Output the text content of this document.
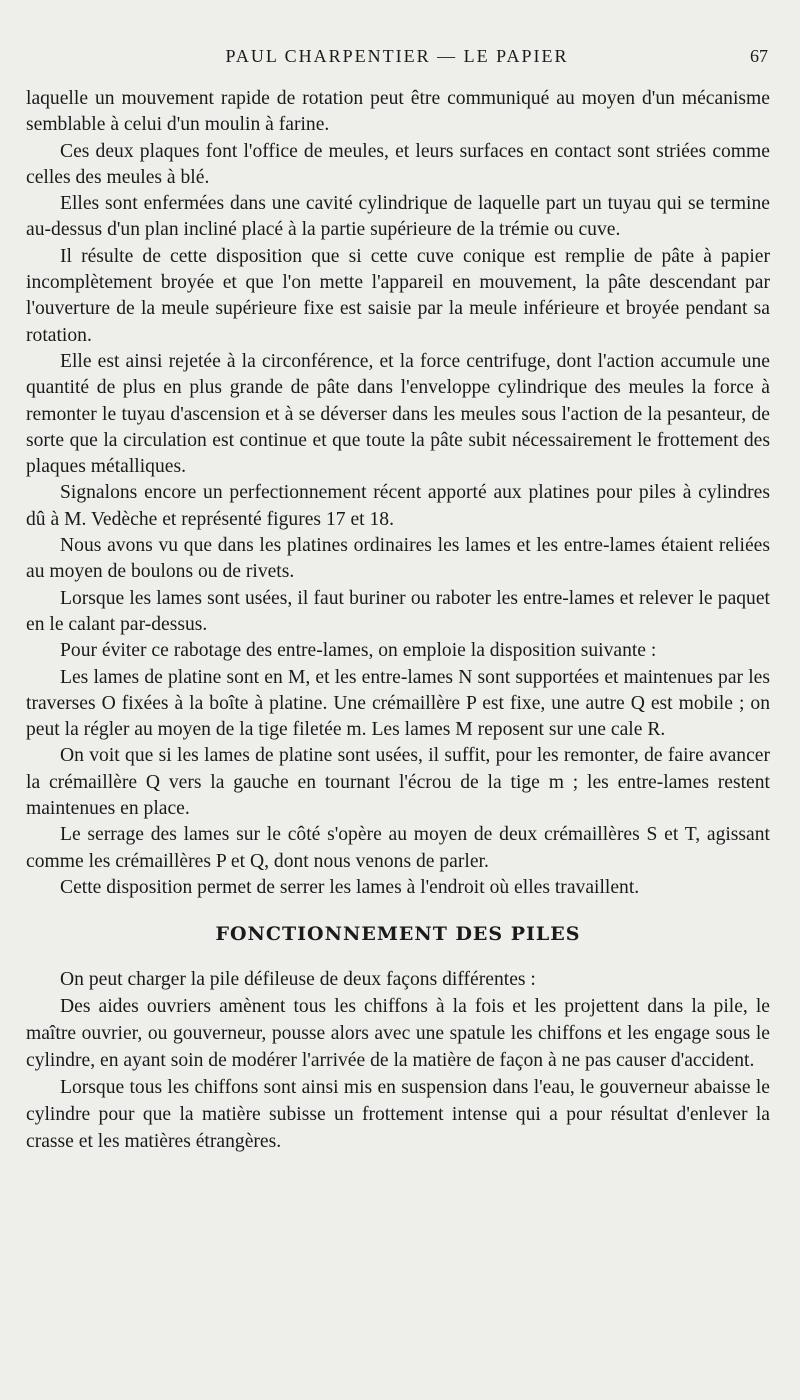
PAUL CHARPENTIER — LE PAPIER	67

laquelle un mouvement rapide de rotation peut être communiqué au moyen d'un mécanisme semblable à celui d'un moulin à farine.

Ces deux plaques font l'office de meules, et leurs surfaces en contact sont striées comme celles des meules à blé.

Elles sont enfermées dans une cavité cylindrique de laquelle part un tuyau qui se termine au-dessus d'un plan incliné placé à la partie supérieure de la trémie ou cuve.

Il résulte de cette disposition que si cette cuve conique est remplie de pâte à papier incomplètement broyée et que l'on mette l'appareil en mouvement, la pâte descendant par l'ouverture de la meule supérieure fixe est saisie par la meule inférieure et broyée pendant sa rotation.

Elle est ainsi rejetée à la circonférence, et la force centrifuge, dont l'action accumule une quantité de plus en plus grande de pâte dans l'enveloppe cylindrique des meules la force à remonter le tuyau d'ascension et à se déverser dans les meules sous l'action de la pesanteur, de sorte que la circulation est continue et que toute la pâte subit nécessairement le frottement des plaques métalliques.

Signalons encore un perfectionnement récent apporté aux platines pour piles à cylindres dû à M. Vedèche et représenté figures 17 et 18.

Nous avons vu que dans les platines ordinaires les lames et les entre-lames étaient reliées au moyen de boulons ou de rivets.

Lorsque les lames sont usées, il faut buriner ou raboter les entre-lames et relever le paquet en le calant par-dessus.

Pour éviter ce rabotage des entre-lames, on emploie la disposition suivante :

Les lames de platine sont en M, et les entre-lames N sont supportées et maintenues par les traverses O fixées à la boîte à platine. Une crémaillère P est fixe, une autre Q est mobile ; on peut la régler au moyen de la tige filetée m. Les lames M reposent sur une cale R.

On voit que si les lames de platine sont usées, il suffit, pour les remonter, de faire avancer la crémaillère Q vers la gauche en tournant l'écrou de la tige m ; les entre-lames restent maintenues en place.

Le serrage des lames sur le côté s'opère au moyen de deux crémaillères S et T, agissant comme les crémaillères P et Q, dont nous venons de parler.

Cette disposition permet de serrer les lames à l'endroit où elles travaillent.

FONCTIONNEMENT DES PILES

On peut charger la pile défileuse de deux façons différentes :

Des aides ouvriers amènent tous les chiffons à la fois et les projettent dans la pile, le maître ouvrier, ou gouverneur, pousse alors avec une spatule les chiffons et les engage sous le cylindre, en ayant soin de modérer l'arrivée de la matière de façon à ne pas causer d'accident.

Lorsque tous les chiffons sont ainsi mis en suspension dans l'eau, le gouverneur abaisse le cylindre pour que la matière subisse un frottement intense qui a pour résultat d'enlever la crasse et les matières étrangères.
